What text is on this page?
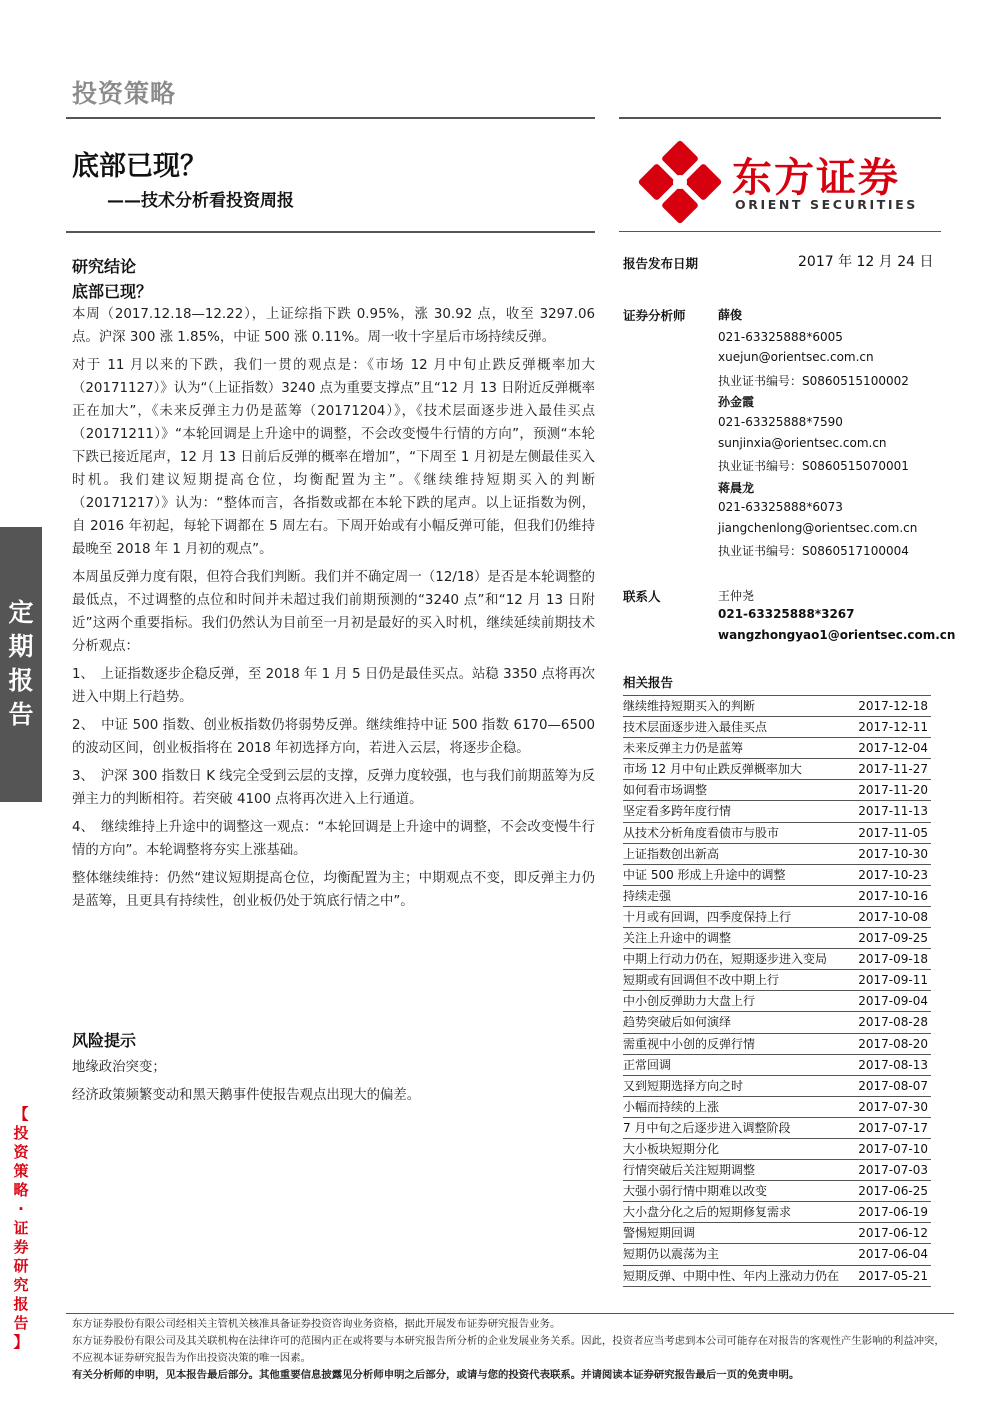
投资策略
底部已现？
——技术分析看投资周报	东方证券
ORIENT SECURITIES
定
期
报
告
【
投
资
策
略
·
证
券
研
究
报
告
】
研究结论
底部已现？

本周（2017.12.18—12.22），上证综指下跌 0.95%，涨 30.92 点，收至 3297.06 点。沪深 300 涨 1.85%，中证 500 涨 0.11%。周一收十字星后市场持续反弹。

对于 11 月以来的下跌，我们一贯的观点是：《市场 12 月中旬止跌反弹概率加大（20171127）》认为“（上证指数）3240 点为重要支撑点”且“12 月 13 日附近反弹概率正在加大”，《未来反弹主力仍是蓝筹（20171204）》，《技术层面逐步进入最佳买点（20171211）》“本轮回调是上升途中的调整，不会改变慢牛行情的方向”，预测“本轮下跌已接近尾声，12 月 13 日前后反弹的概率在增加”，“下周至 1 月初是左侧最佳买入时机。我们建议短期提高仓位，均衡配置为主”。《继续维持短期买入的判断（20171217）》认为：“整体而言，各指数或都在本轮下跌的尾声。以上证指数为例，自 2016 年初起，每轮下调都在 5 周左右。下周开始或有小幅反弹可能，但我们仍维持最晚至 2018 年 1 月初的观点”。

本周虽反弹力度有限，但符合我们判断。我们并不确定周一（12/18）是否是本轮调整的最低点，不过调整的点位和时间并未超过我们前期预测的“3240 点”和“12 月 13 日附近”这两个重要指标。我们仍然认为目前至一月初是最好的买入时机，继续延续前期技术分析观点：

1、　上证指数逐步企稳反弹，至 2018 年 1 月 5 日仍是最佳买点。站稳 3350 点将再次进入中期上行趋势。

2、　中证 500 指数、创业板指数仍将弱势反弹。继续维持中证 500 指数 6170—6500 的波动区间，创业板指将在 2018 年初选择方向，若进入云层，将逐步企稳。

3、　沪深 300 指数日 K 线完全受到云层的支撑，反弹力度较强，也与我们前期蓝筹为反弹主力的判断相符。若突破 4100 点将再次进入上行通道。

4、　继续维持上升途中的调整这一观点：“本轮回调是上升途中的调整，不会改变慢牛行情的方向”。本轮调整将夯实上涨基础。

整体继续维持：仍然“建议短期提高仓位，均衡配置为主；中期观点不变，即反弹主力仍是蓝筹，且更具有持续性，创业板仍处于筑底行情之中”。

风险提示

地缘政治突变；

经济政策频繁变动和黑天鹅事件使报告观点出现大的偏差。

报告发布日期	2017 年 12 月 24 日
证券分析师	薛俊
021-63325888*6005
xuejun@orientsec.com.cn
执业证书编号：S0860515100002
孙金霞
021-63325888*7590
sunjinxia@orientsec.com.cn
执业证书编号：S0860515070001
蒋晨龙
021-63325888*6073
jiangchenlong@orientsec.com.cn
执业证书编号：S0860517100004
联系人	王仲尧
021-63325888*3267
wangzhongyao1@orientsec.com.cn
相关报告
继续维持短期买入的判断	2017-12-18
技术层面逐步进入最佳买点	2017-12-11
未来反弹主力仍是蓝筹	2017-12-04
市场 12 月中旬止跌反弹概率加大	2017-11-27
如何看市场调整	2017-11-20
坚定看多跨年度行情	2017-11-13
从技术分析角度看债市与股市	2017-11-05
上证指数创出新高	2017-10-30
中证 500 形成上升途中的调整	2017-10-23
持续走强	2017-10-16
十月或有回调，四季度保持上行	2017-10-08
关注上升途中的调整	2017-09-25
中期上行动力仍在，短期逐步进入变局	2017-09-18
短期或有回调但不改中期上行	2017-09-11
中小创反弹助力大盘上行	2017-09-04
趋势突破后如何演绎	2017-08-28
需重视中小创的反弹行情	2017-08-20
正常回调	2017-08-13
又到短期选择方向之时	2017-08-07
小幅而持续的上涨	2017-07-30
7 月中旬之后逐步进入调整阶段	2017-07-17
大小板块短期分化	2017-07-10
行情突破后关注短期调整	2017-07-03
大强小弱行情中期难以改变	2017-06-25
大小盘分化之后的短期修复需求	2017-06-19
警惕短期回调	2017-06-12
短期仍以震荡为主	2017-06-04
短期反弹、中期中性、年内上涨动力仍在 2017-05-21
东方证券股份有限公司经相关主管机关核准具备证券投资咨询业务资格，据此开展发布证券研究报告业务。
东方证券股份有限公司及其关联机构在法律许可的范围内正在或将要与本研究报告所分析的企业发展业务关系。因此，投资者应当考虑到本公司可能存在对报告的客观性产生影响的利益冲突，不应视本证券研究报告为作出投资决策的唯一因素。
有关分析师的申明，见本报告最后部分。其他重要信息披露见分析师申明之后部分，或请与您的投资代表联系。并请阅读本证券研究报告最后一页的免责申明。
